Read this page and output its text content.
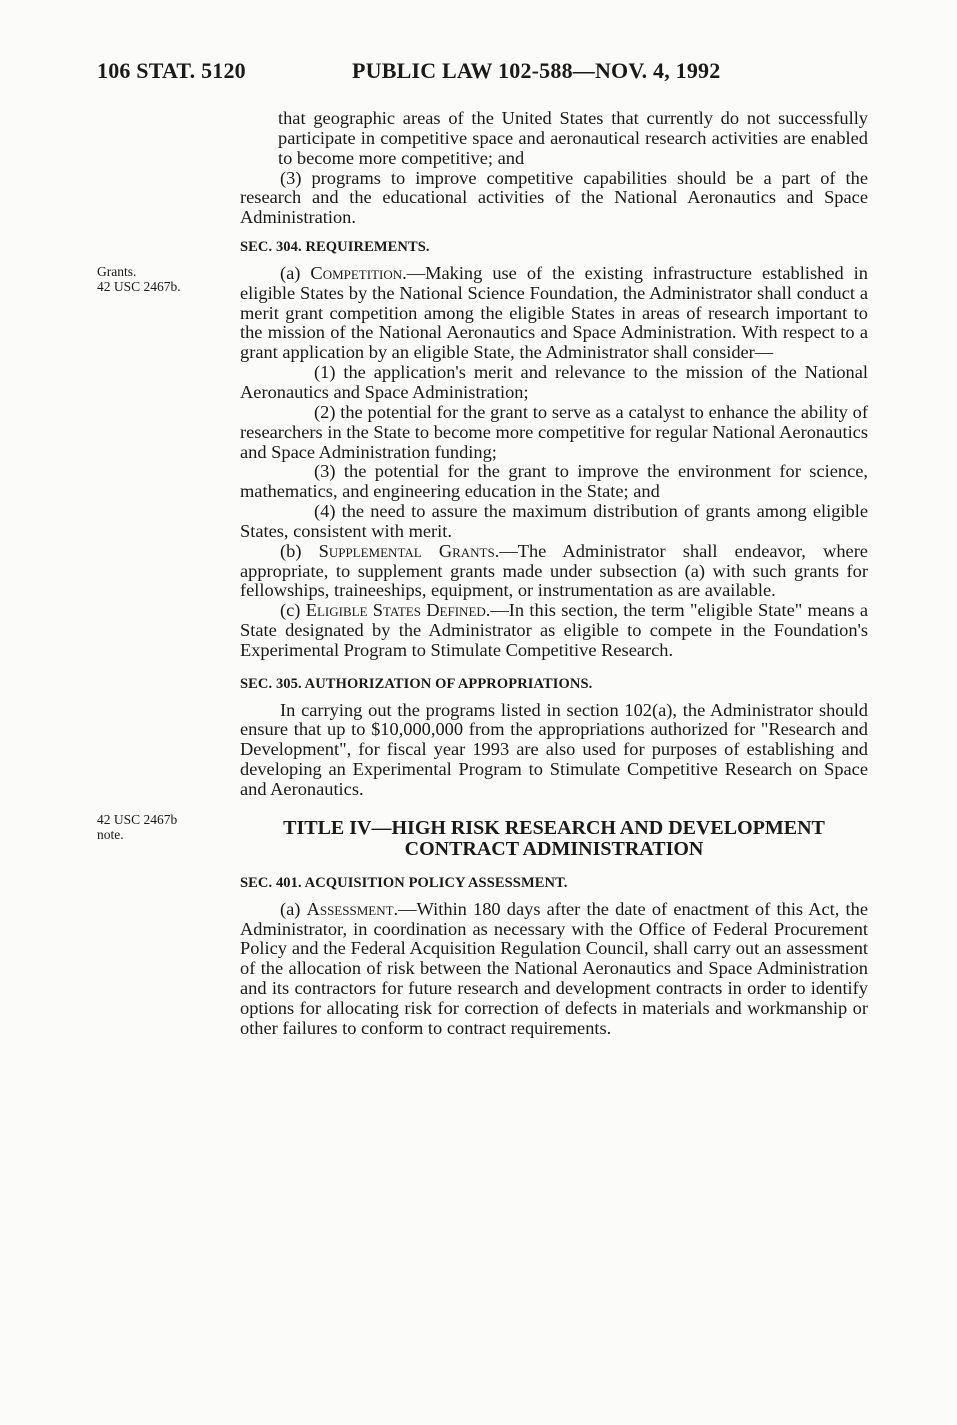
106 STAT. 5120	PUBLIC LAW 102-588—NOV. 4, 1992
Grants.
42 USC 2467b.
42 USC 2467b
note.

that geographic areas of the United States that currently do not successfully participate in competitive space and aeronautical research activities are enabled to become more competitive; and

(3) programs to improve competitive capabilities should be a part of the research and the educational activities of the National Aeronautics and Space Administration.

SEC. 304. REQUIREMENTS.

(a) Competition.—Making use of the existing infrastructure established in eligible States by the National Science Foundation, the Administrator shall conduct a merit grant competition among the eligible States in areas of research important to the mission of the National Aeronautics and Space Administration. With respect to a grant application by an eligible State, the Administrator shall consider—

(1) the application's merit and relevance to the mission of the National Aeronautics and Space Administration;

(2) the potential for the grant to serve as a catalyst to enhance the ability of researchers in the State to become more competitive for regular National Aeronautics and Space Administration funding;

(3) the potential for the grant to improve the environment for science, mathematics, and engineering education in the State; and

(4) the need to assure the maximum distribution of grants among eligible States, consistent with merit.

(b) Supplemental Grants.—The Administrator shall endeavor, where appropriate, to supplement grants made under subsection (a) with such grants for fellowships, traineeships, equipment, or instrumentation as are available.

(c) Eligible States Defined.—In this section, the term "eligible State" means a State designated by the Administrator as eligible to compete in the Foundation's Experimental Program to Stimulate Competitive Research.

SEC. 305. AUTHORIZATION OF APPROPRIATIONS.

In carrying out the programs listed in section 102(a), the Administrator should ensure that up to $10,000,000 from the appropriations authorized for "Research and Development", for fiscal year 1993 are also used for purposes of establishing and developing an Experimental Program to Stimulate Competitive Research on Space and Aeronautics.

TITLE IV—HIGH RISK RESEARCH AND DEVELOPMENT
CONTRACT ADMINISTRATION
SEC. 401. ACQUISITION POLICY ASSESSMENT.

(a) Assessment.—Within 180 days after the date of enactment of this Act, the Administrator, in coordination as necessary with the Office of Federal Procurement Policy and the Federal Acquisition Regulation Council, shall carry out an assessment of the allocation of risk between the National Aeronautics and Space Administration and its contractors for future research and development contracts in order to identify options for allocating risk for correction of defects in materials and workmanship or other failures to conform to contract requirements.
